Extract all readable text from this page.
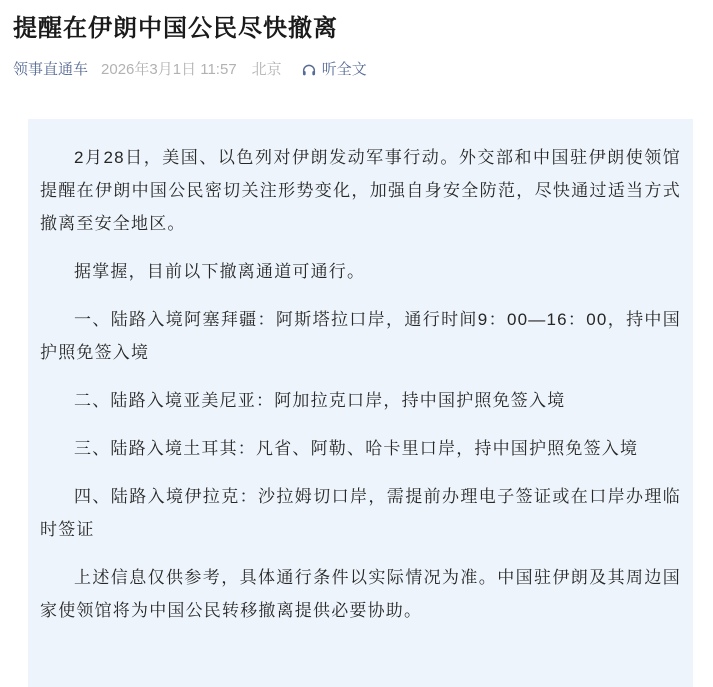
提醒在伊朗中国公民尽快撤离
领事直通车 2026年3月1日 11:57 北京	听全文

2月28日，美国、以色列对伊朗发动军事行动。外交部和中国驻伊朗使领馆提醒在伊朗中国公民密切关注形势变化，加强自身安全防范，尽快通过适当方式撤离至安全地区。

据掌握，目前以下撤离通道可通行。

一、陆路入境阿塞拜疆：阿斯塔拉口岸，通行时间9：00—16：00，持中国护照免签入境

二、陆路入境亚美尼亚：阿加拉克口岸，持中国护照免签入境

三、陆路入境土耳其：凡省、阿勒、哈卡里口岸，持中国护照免签入境

四、陆路入境伊拉克：沙拉姆切口岸，需提前办理电子签证或在口岸办理临时签证

上述信息仅供参考，具体通行条件以实际情况为准。中国驻伊朗及其周边国家使领馆将为中国公民转移撤离提供必要协助。
